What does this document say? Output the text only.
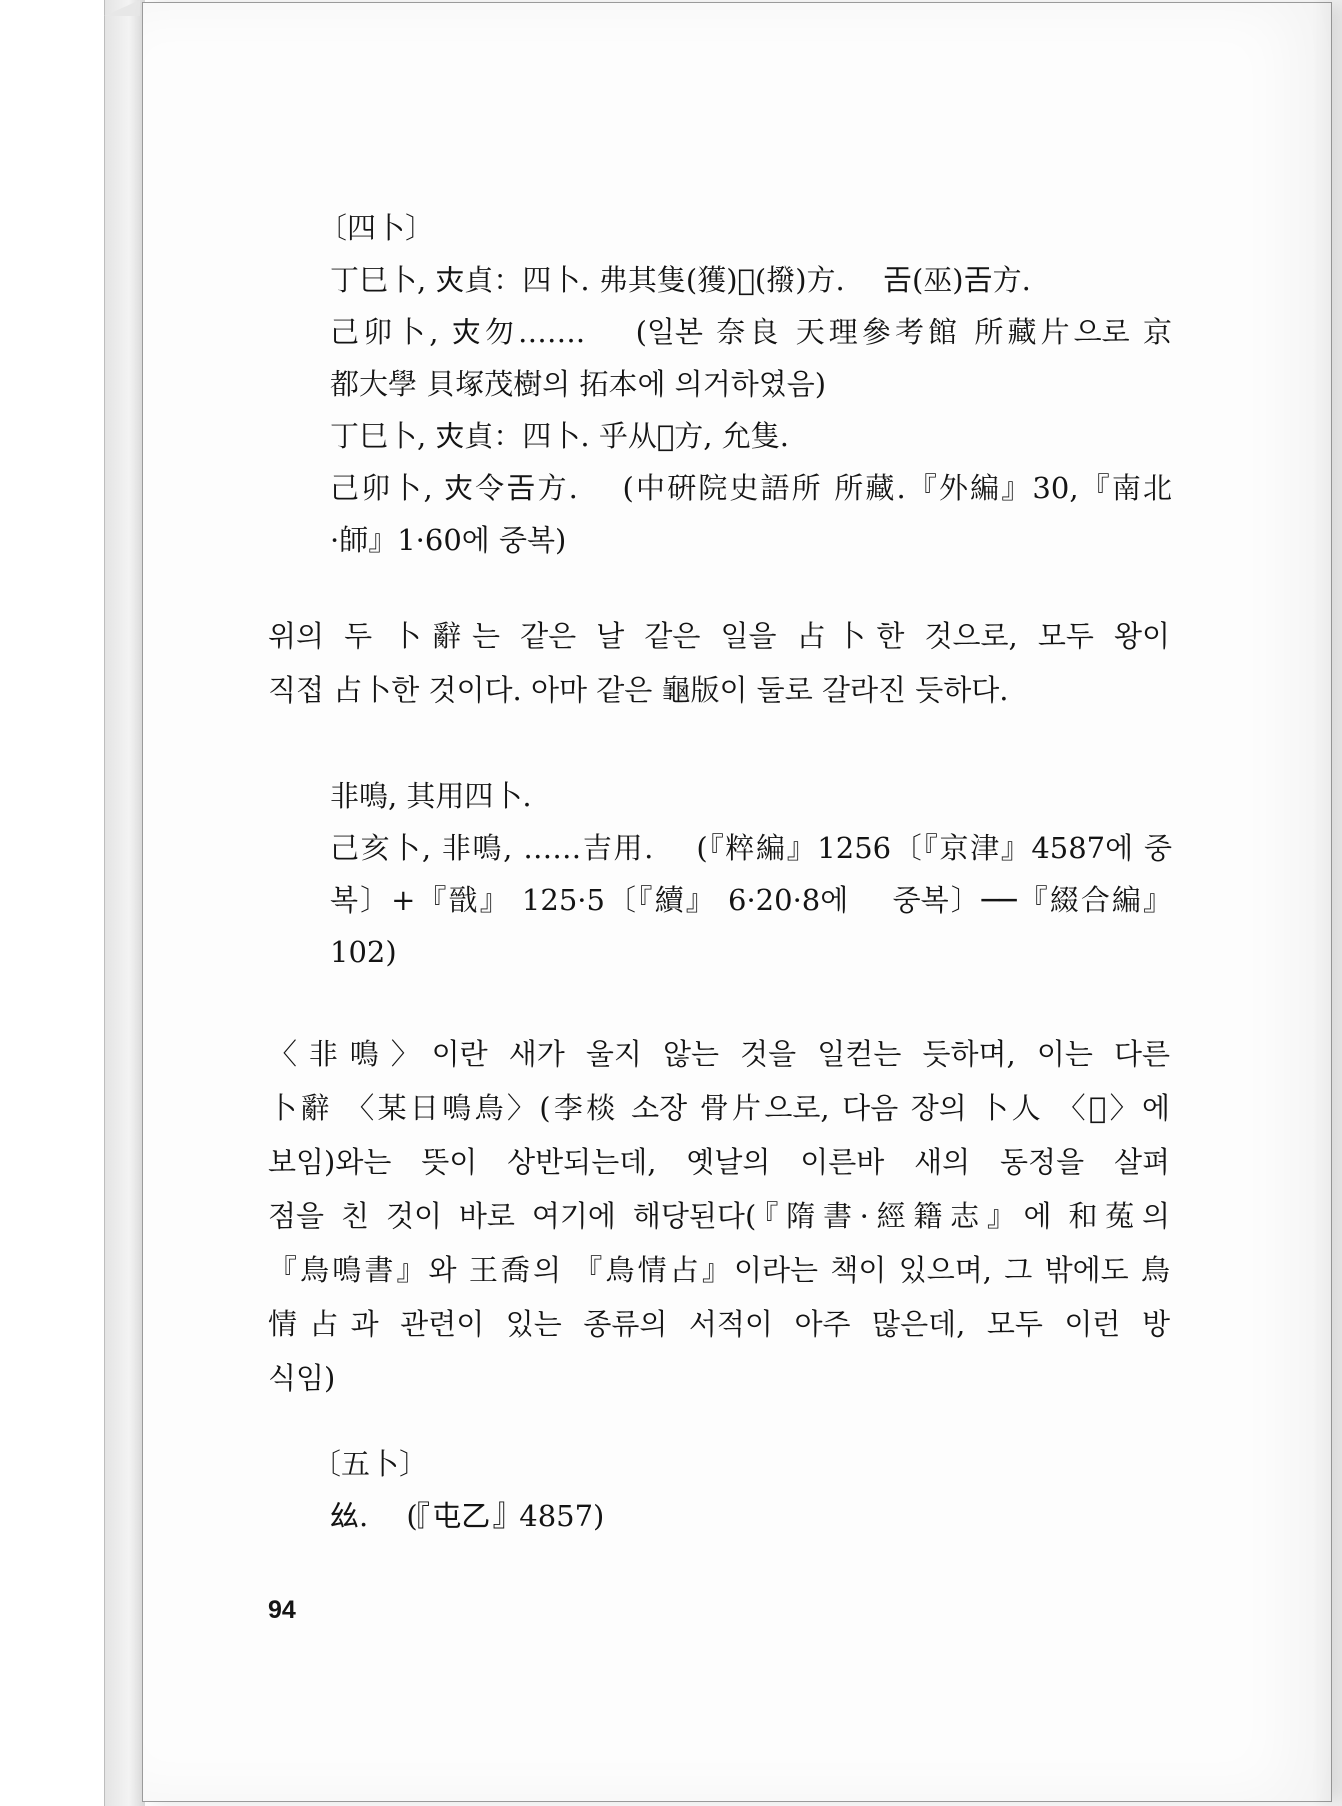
〔四卜〕
丁巳卜, 𡗜貞：四卜. 弗其隻(獲)𤰔(撥)方.　 𢀛(巫)𢀛方.
己卯卜, 𡗜勿…….　 (일본 奈良 天理參考館 所藏片으로 京
都大學 貝塚茂樹의 拓本에 의거하였음)
丁巳卜, 𡗜貞：四卜. 乎从𤰔方, 允隻.
己卯卜, 𡗜令𢀛方.　 (中硏院史語所 所藏.『外編』30,『南北
·師』1·60에 중복)
위의 두 卜辭는 같은 날 같은 일을 占卜한 것으로, 모두 왕이
직접 占卜한 것이다. 아마 같은 龜版이 둘로 갈라진 듯하다.
非鳴, 其用四卜.
己亥卜, 非鳴, ……吉用.　 (『粹編』1256〔『京津』4587에 중
복〕+『戩』 125·5〔『續』 6·20·8에　 중복〕──『綴合編』
102)
〈非鳴〉이란 새가 울지 않는 것을 일컫는 듯하며, 이는 다른
卜辭 〈某日鳴鳥〉(李棪 소장 骨片으로, 다음 장의 卜人 〈𡧊〉에
보임)와는 뜻이 상반되는데, 옛날의 이른바 새의 동정을 살펴
점을 친 것이 바로 여기에 해당된다(『隋書·經籍志』에 和菟의
『鳥鳴書』와 王喬의 『鳥情占』이라는 책이 있으며, 그 밖에도 鳥
情占과 관련이 있는 종류의 서적이 아주 많은데, 모두 이런 방
식임)
〔五卜〕
𢆶.　 (『屯乙』4857)
94
